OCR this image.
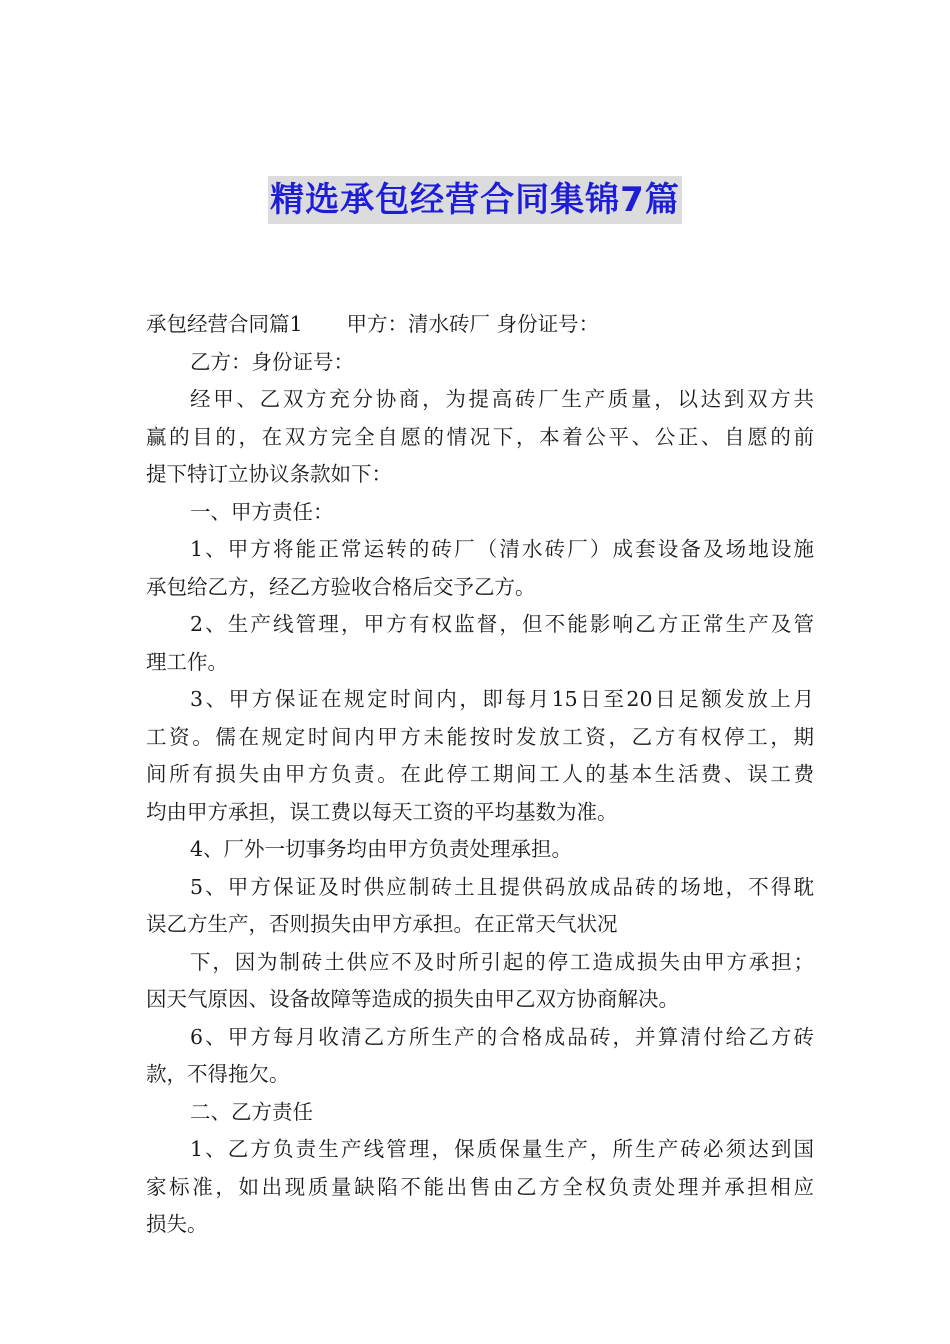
精选承包经营合同集锦7篇
承包经营合同篇1 甲方：清水砖厂 身份证号：
乙方：身份证号：
经甲、乙双方充分协商，为提高砖厂生产质量，以达到双方共
赢的目的，在双方完全自愿的情况下，本着公平、公正、自愿的前
提下特订立协议条款如下：
一、甲方责任：
1、甲方将能正常运转的砖厂（清水砖厂）成套设备及场地设施
承包给乙方，经乙方验收合格后交予乙方。
2、生产线管理，甲方有权监督，但不能影响乙方正常生产及管
理工作。
3、甲方保证在规定时间内，即每月15日至20日足额发放上月
工资。儒在规定时间内甲方未能按时发放工资，乙方有权停工，期
间所有损失由甲方负责。在此停工期间工人的基本生活费、误工费
均由甲方承担，误工费以每天工资的平均基数为准。
4、厂外一切事务均由甲方负责处理承担。
5、甲方保证及时供应制砖土且提供码放成品砖的场地，不得耽
误乙方生产，否则损失由甲方承担。在正常天气状况
下，因为制砖土供应不及时所引起的停工造成损失由甲方承担；
因天气原因、设备故障等造成的损失由甲乙双方协商解决。
6、甲方每月收清乙方所生产的合格成品砖，并算清付给乙方砖
款，不得拖欠。
二、乙方责任
1、乙方负责生产线管理，保质保量生产，所生产砖必须达到国
家标准，如出现质量缺陷不能出售由乙方全权负责处理并承担相应
损失。
